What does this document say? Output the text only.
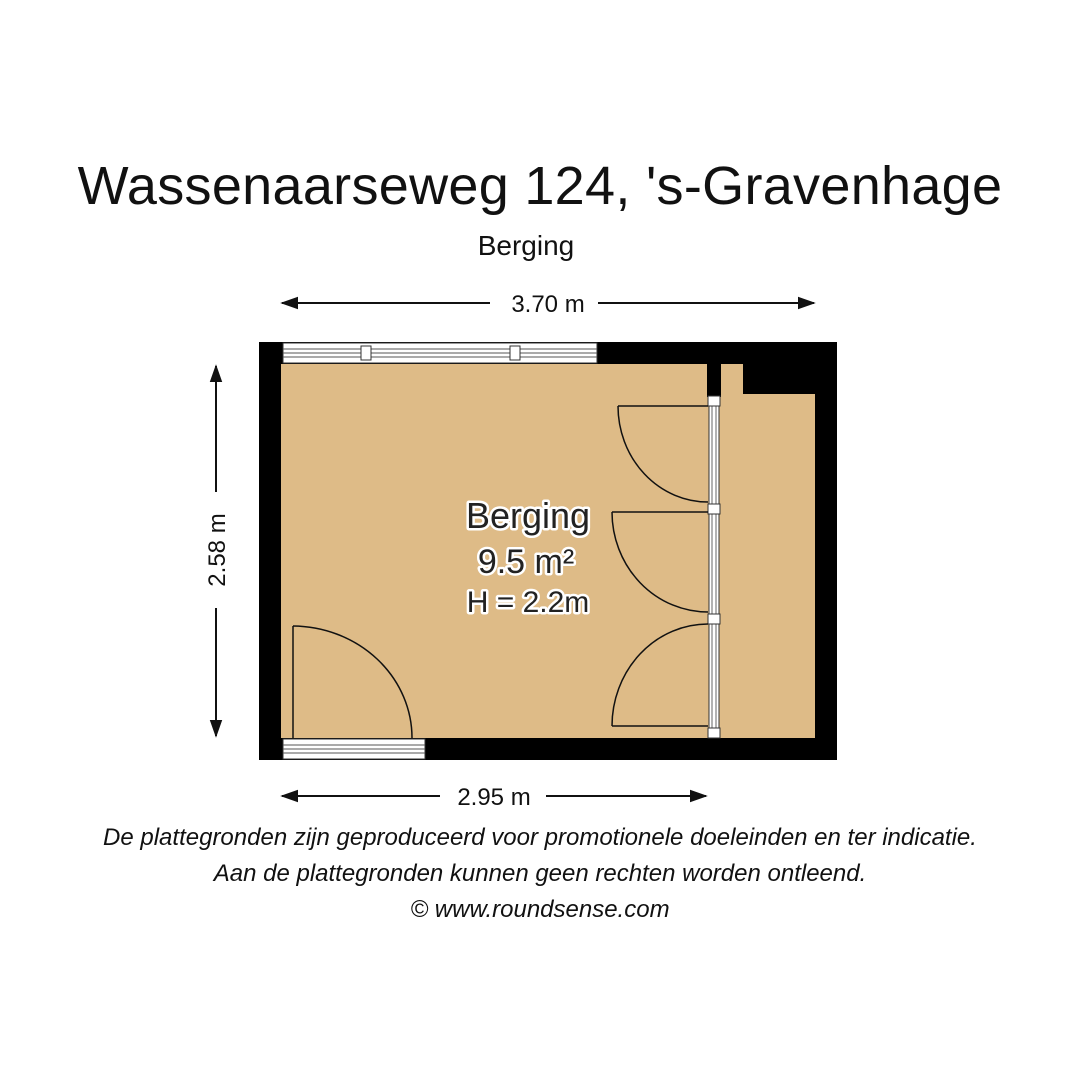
Wassenaarseweg 124, 's-Gravenhage
Berging
3.70 m
2.58 m
2.95 m
Berging
9.5 m²
H = 2.2m
De plattegronden zijn geproduceerd voor promotionele doeleinden en ter indicatie.
Aan de plattegronden kunnen geen rechten worden ontleend.
© www.roundsense.com
